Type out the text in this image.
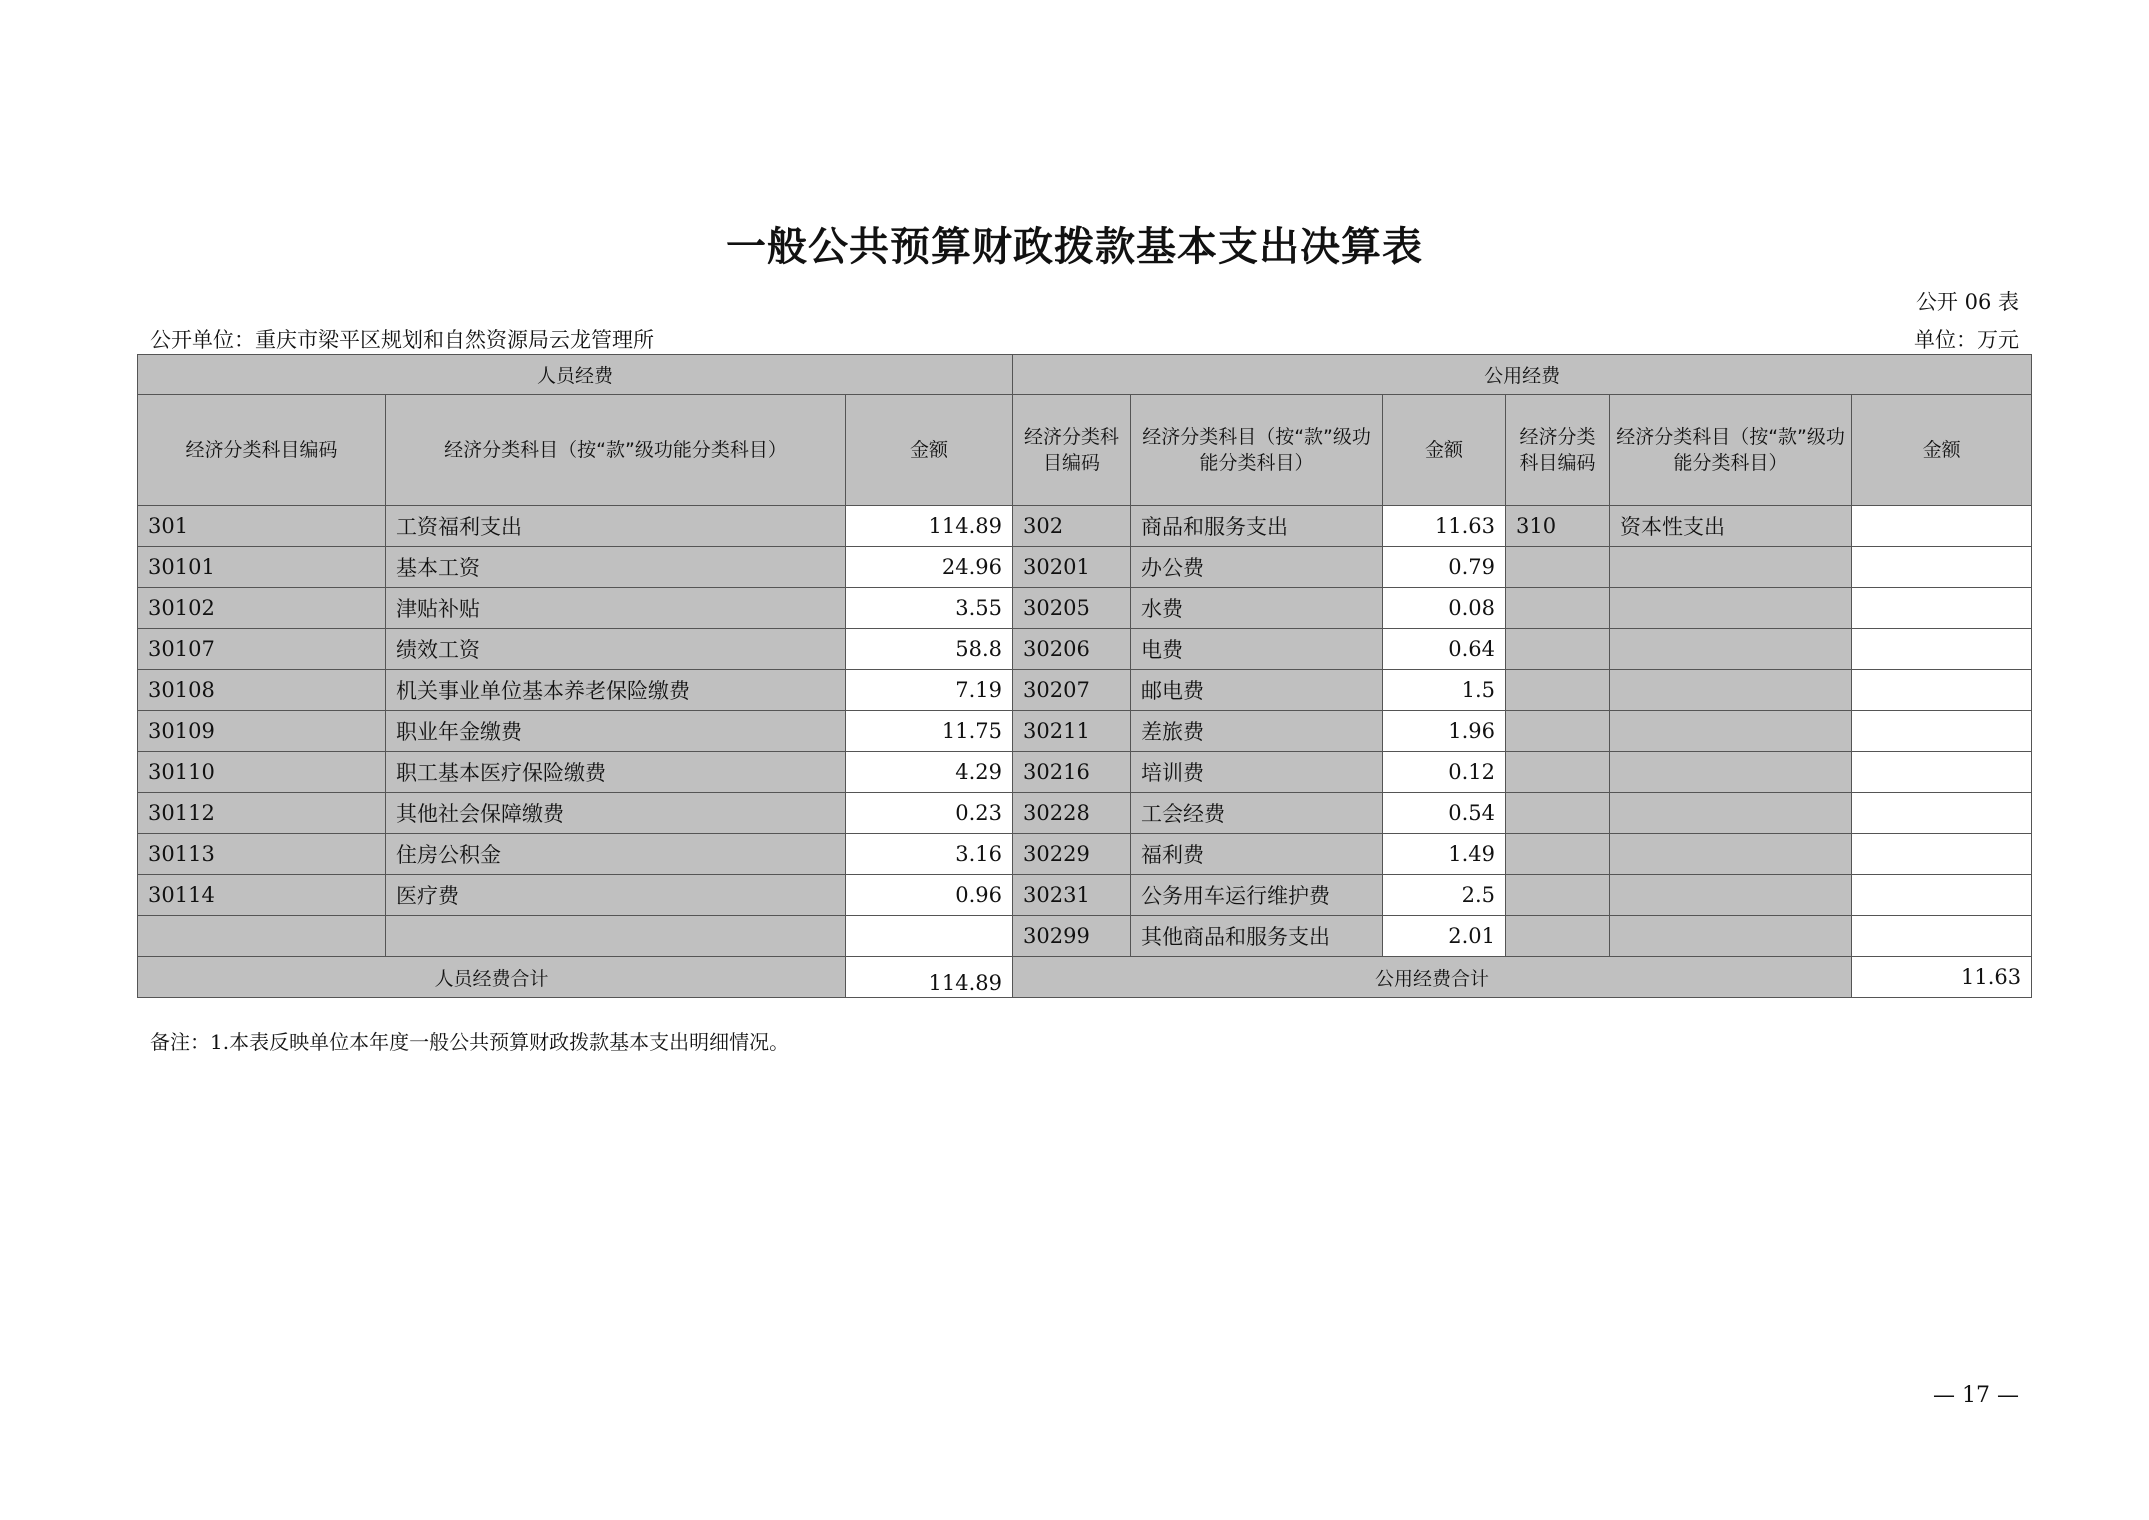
一般公共预算财政拨款基本支出决算表
公开 06 表
公开单位：重庆市梁平区规划和自然资源局云龙管理所	单位：万元
人员经费			公用经费					
经济分类科目编码	经济分类科目（按“款”级功能分类科目）	金额	经济分类科目编码	经济分类科目（按“款”级功能分类科目）	金额	经济分类科目编码	经济分类科目（按“款”级功能分类科目）	金额
301	工资福利支出	114.89	302	商品和服务支出	11.63	310	资本性支出	
30101	基本工资	24.96	30201	办公费	0.79			
30102	津贴补贴	3.55	30205	水费	0.08			
30107	绩效工资	58.8	30206	电费	0.64			
30108	机关事业单位基本养老保险缴费	7.19	30207	邮电费	1.5			
30109	职业年金缴费	11.75	30211	差旅费	1.96			
30110	职工基本医疗保险缴费	4.29	30216	培训费	0.12			
30112	其他社会保障缴费	0.23	30228	工会经费	0.54			
30113	住房公积金	3.16	30229	福利费	1.49			
30114	医疗费	0.96	30231	公务用车运行维护费	2.5			
			30299	其他商品和服务支出	2.01			
人员经费合计		114.89	公用经费合计					11.63
备注：1.本表反映单位本年度一般公共预算财政拨款基本支出明细情况。
— 17 —
